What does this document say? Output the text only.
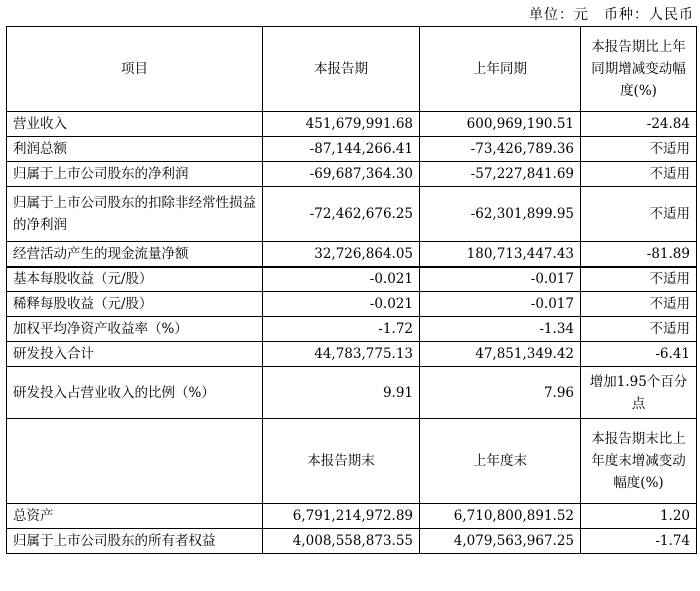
单位：元　币种：人民币
项目	本报告期	上年同期	本报告期比上年同期增减变动幅度(%)
营业收入	451,679,991.68	600,969,190.51	-24.84
利润总额	-87,144,266.41	-73,426,789.36	不适用
归属于上市公司股东的净利润	-69,687,364.30	-57,227,841.69	不适用
归属于上市公司股东的扣除非经常性损益的净利润	-72,462,676.25	-62,301,899.95	不适用
经营活动产生的现金流量净额	32,726,864.05	180,713,447.43	-81.89
基本每股收益（元/股）	-0.021	-0.017	不适用
稀释每股收益（元/股）	-0.021	-0.017	不适用
加权平均净资产收益率（%）	-1.72	-1.34	不适用
研发投入合计	44,783,775.13	47,851,349.42	-6.41
研发投入占营业收入的比例（%）	9.91	7.96	增加1.95个百分点
	本报告期末	上年度末	本报告期末比上年度末增减变动幅度(%)
总资产	6,791,214,972.89	6,710,800,891.52	1.20
归属于上市公司股东的所有者权益	4,008,558,873.55	4,079,563,967.25	-1.74
